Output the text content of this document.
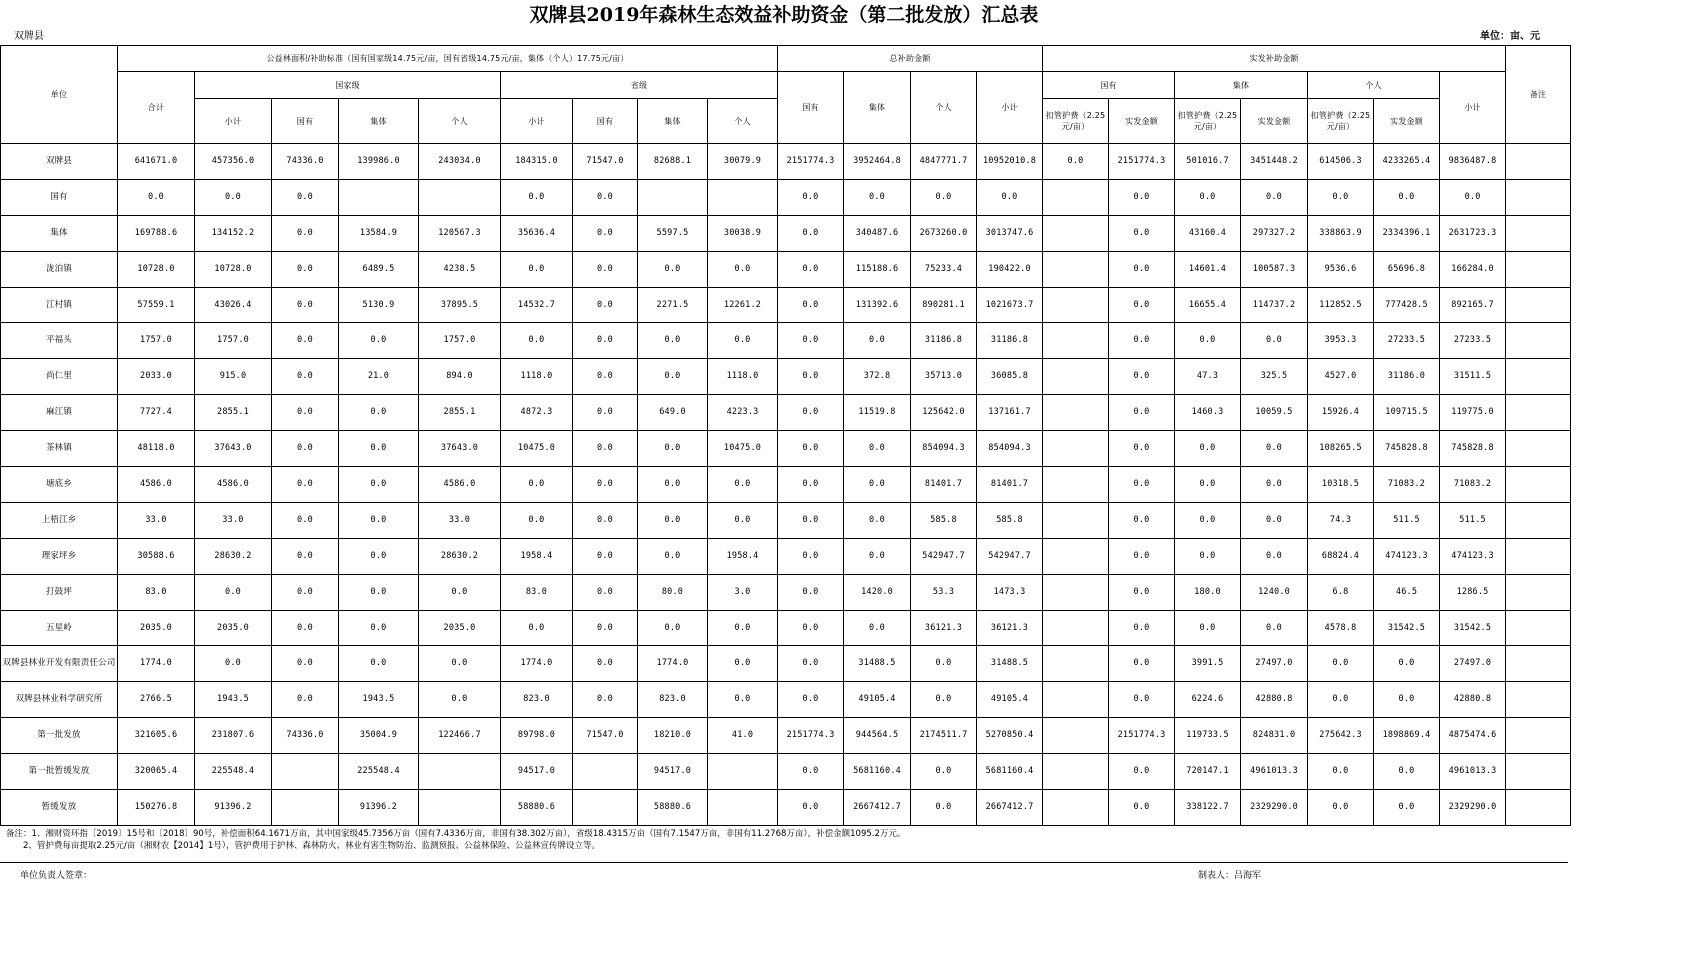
双牌县2019年森林生态效益补助资金（第二批发放）汇总表
双牌县	单位：亩、元
单位	公益林面积/补助标准（国有国家级14.75元/亩，国有省级14.75元/亩，集体（个人）17.75元/亩）									总补助金额				实发补助金额							备注
	合计	国家级				省级				国有	集体	个人	小计	国有		集体		个人		小计	
		小计	国有	集体	个人	小计	国有	集体	个人					扣管护费（2.25元/亩）	实发金额	扣管护费（2.25元/亩）	实发金额	扣管护费（2.25元/亩）	实发金额		
双牌县	641671.0	457356.0	74336.0	139986.0	243034.0	184315.0	71547.0	82688.1	30079.9	2151774.3	3952464.8	4847771.7	10952010.8	0.0	2151774.3	501016.7	3451448.2	614506.3	4233265.4	9836487.8	
国有	0.0	0.0	0.0			0.0	0.0			0.0	0.0	0.0	0.0		0.0	0.0	0.0	0.0	0.0	0.0	
集体	169788.6	134152.2	0.0	13584.9	120567.3	35636.4	0.0	5597.5	30038.9	0.0	340487.6	2673260.0	3013747.6		0.0	43160.4	297327.2	338863.9	2334396.1	2631723.3	
泷泊镇	10728.0	10728.0	0.0	6489.5	4238.5	0.0	0.0	0.0	0.0	0.0	115188.6	75233.4	190422.0		0.0	14601.4	100587.3	9536.6	65696.8	166284.0	
江村镇	57559.1	43026.4	0.0	5130.9	37895.5	14532.7	0.0	2271.5	12261.2	0.0	131392.6	890281.1	1021673.7		0.0	16655.4	114737.2	112852.5	777428.5	892165.7	
平福头	1757.0	1757.0	0.0	0.0	1757.0	0.0	0.0	0.0	0.0	0.0	0.0	31186.8	31186.8		0.0	0.0	0.0	3953.3	27233.5	27233.5	
尚仁里	2033.0	915.0	0.0	21.0	894.0	1118.0	0.0	0.0	1118.0	0.0	372.8	35713.0	36085.8		0.0	47.3	325.5	4527.0	31186.0	31511.5	
麻江镇	7727.4	2855.1	0.0	0.0	2855.1	4872.3	0.0	649.0	4223.3	0.0	11519.8	125642.0	137161.7		0.0	1460.3	10059.5	15926.4	109715.5	119775.0	
茶林镇	48118.0	37643.0	0.0	0.0	37643.0	10475.0	0.0	0.0	10475.0	0.0	0.0	854094.3	854094.3		0.0	0.0	0.0	108265.5	745828.8	745828.8	
塘底乡	4586.0	4586.0	0.0	0.0	4586.0	0.0	0.0	0.0	0.0	0.0	0.0	81401.7	81401.7		0.0	0.0	0.0	10318.5	71083.2	71083.2	
上梧江乡	33.0	33.0	0.0	0.0	33.0	0.0	0.0	0.0	0.0	0.0	0.0	585.8	585.8		0.0	0.0	0.0	74.3	511.5	511.5	
理家坪乡	30588.6	28630.2	0.0	0.0	28630.2	1958.4	0.0	0.0	1958.4	0.0	0.0	542947.7	542947.7		0.0	0.0	0.0	68824.4	474123.3	474123.3	
打鼓坪	83.0	0.0	0.0	0.0	0.0	83.0	0.0	80.0	3.0	0.0	1420.0	53.3	1473.3		0.0	180.0	1240.0	6.8	46.5	1286.5	
五星岭	2035.0	2035.0	0.0	0.0	2035.0	0.0	0.0	0.0	0.0	0.0	0.0	36121.3	36121.3		0.0	0.0	0.0	4578.8	31542.5	31542.5	
双牌县林业开发有限责任公司	1774.0	0.0	0.0	0.0	0.0	1774.0	0.0	1774.0	0.0	0.0	31488.5	0.0	31488.5		0.0	3991.5	27497.0	0.0	0.0	27497.0	
双牌县林业科学研究所	2766.5	1943.5	0.0	1943.5	0.0	823.0	0.0	823.0	0.0	0.0	49105.4	0.0	49105.4		0.0	6224.6	42880.8	0.0	0.0	42880.8	
第一批发放	321605.6	231807.6	74336.0	35004.9	122466.7	89798.0	71547.0	18210.0	41.0	2151774.3	944564.5	2174511.7	5270850.4		2151774.3	119733.5	824831.0	275642.3	1898869.4	4875474.6	
第一批暂缓发放	320065.4	225548.4		225548.4		94517.0		94517.0		0.0	5681160.4	0.0	5681160.4		0.0	720147.1	4961013.3	0.0	0.0	4961013.3	
暂缓发放	150276.8	91396.2		91396.2		58880.6		58880.6		0.0	2667412.7	0.0	2667412.7		0.0	338122.7	2329290.0	0.0	0.0	2329290.0	
备注：1、湘财资环指〔2019〕15号和〔2018〕90号，补偿面积64.1671万亩，其中国家级45.7356万亩（国有7.4336万亩，非国有38.302万亩），省级18.4315万亩（国有7.1547万亩，非国有11.2768万亩），补偿金额1095.2万元。
　　2、管护费每亩提取2.25元/亩（湘财农【2014】1号），管护费用于护林、森林防火、林业有害生物防治、监测预报、公益林保险、公益林宣传牌设立等。
单位负责人签章：	制表人：吕海军
